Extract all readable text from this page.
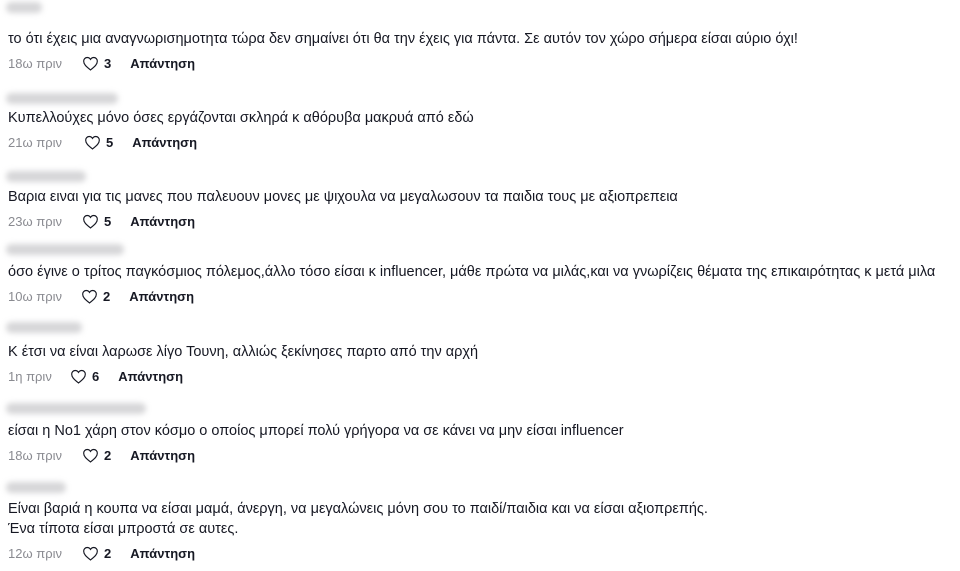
το ότι έχεις μια αναγνωρισημοτητα τώρα δεν σημαίνει ότι θα την έχεις για πάντα. Σε αυτόν τον χώρο σήμερα είσαι αύριο όχι!
18ω πριν	3 Απάντηση
Κυπελλούχες μόνο όσες εργάζονται σκληρά κ αθόρυβα μακρυά από εδώ
21ω πριν	5 Απάντηση
Βαρια ειναι για τις μανες που παλευουν μονες με ψιχουλα να μεγαλωσουν τα παιδια τους με αξιοπρεπεια
23ω πριν	5 Απάντηση
όσο έγινε ο τρίτος παγκόσμιος πόλεμος,άλλο τόσο είσαι κ influencer, μάθε πρώτα να μιλάς,και να γνωρίζεις θέματα της επικαιρότητας κ μετά μιλα
10ω πριν	2 Απάντηση
Κ έτσι να είναι λαρωσε λίγο Τουνη, αλλιώς ξεκίνησες παρτο από την αρχή
1η πριν	6 Απάντηση
είσαι η Νο1 χάρη στον κόσμο ο οποίος μπορεί πολύ γρήγορα να σε κάνει να μην είσαι influencer
18ω πριν	2 Απάντηση
Είναι βαριά η κουπα να είσαι μαμά, άνεργη, να μεγαλώνεις μόνη σου το παιδί/παιδια και να είσαι αξιοπρεπής.
Ένα τίποτα είσαι μπροστά σε αυτες.
12ω πριν	2 Απάντηση
